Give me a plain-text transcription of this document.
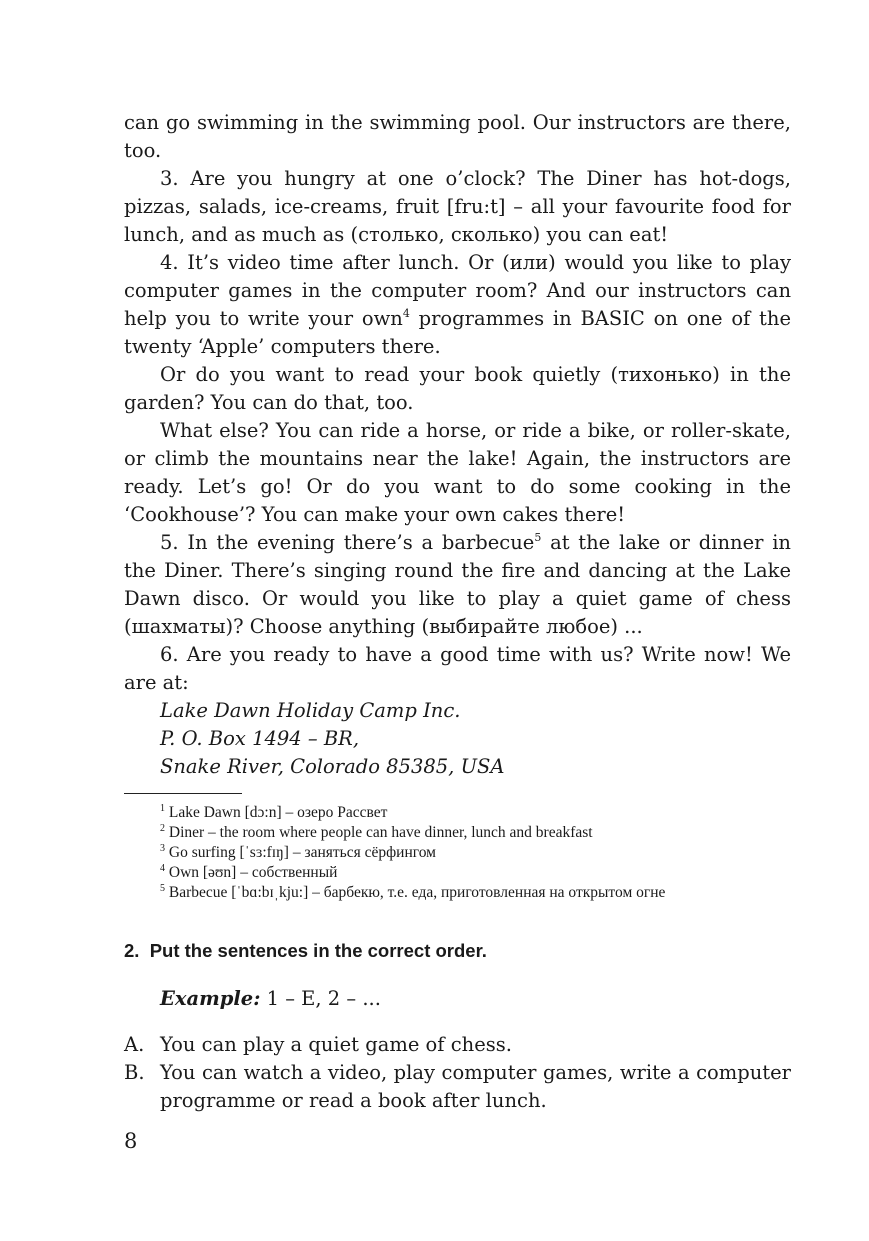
can go swimming in the swimming pool. Our instructors are there, too.

3. Are you hungry at one o’clock? The Diner has hot-dogs, pizzas, salads, ice-creams, fruit [fru:t] – all your favourite food for lunch, and as much as (столько, сколько) you can eat!

4. It’s video time after lunch. Or (или) would you like to play computer games in the computer room? And our instructors can help you to write your own$^4$ programmes in BASIC on one of the twenty ‘Apple’ computers there.

Or do you want to read your book quietly (тихонько) in the garden? You can do that, too.

What else? You can ride a horse, or ride a bike, or roller-skate, or climb the mountains near the lake! Again, the instructors are ready. Let’s go! Or do you want to do some cooking in the ‘Cookhouse’? You can make your own cakes there!

5. In the evening there’s a barbecue$^5$ at the lake or dinner in the Diner. There’s singing round the fire and dancing at the Lake Dawn disco. Or would you like to play a quiet game of chess (шахматы)? Choose anything (выбирайте любое) ...

6. Are you ready to have a good time with us? Write now! We are at:

Lake Dawn Holiday Camp Inc.

P. O. Box 1494 – BR,

Snake River, Colorado 85385, USA

$^1$ Lake Dawn [dɔ:n] – озеро Рассвет

$^2$ Diner – the room where people can have dinner, lunch and breakfast

$^3$ Go surfing [ˈsɜ:fɪŋ] – заняться сёрфингом

$^4$ Own [əʊn] – собственный

$^5$ Barbecue [ˈbɑ:bɪˌkju:] – барбекю, т.е. еда, приготовленная на открытом огне

2.  Put the sentences in the correct order.
Example: 1 – E, 2 – ...
A. You can play a quiet game of chess.
B. You can watch a video, play computer games, write a computer programme or read a book after lunch.
8
